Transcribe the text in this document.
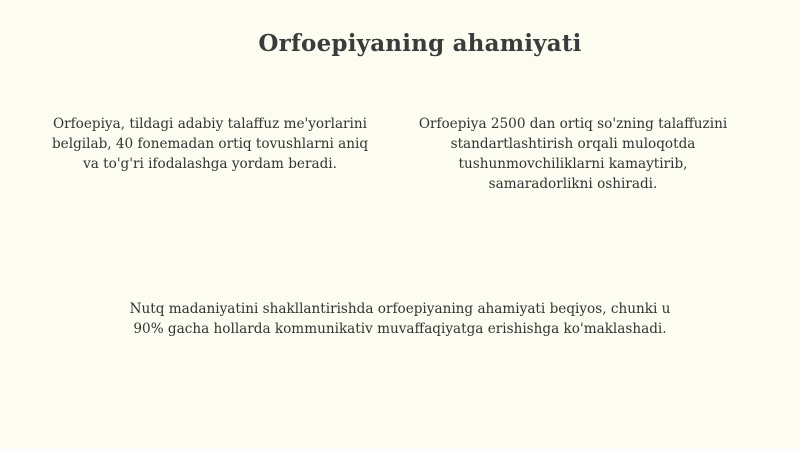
Orfoepiyaning ahamiyati

Orfoepiya, tildagi adabiy talaffuz me'yorlarini belgilab, 40 fonemadan ortiq tovushlarni aniq va to'g'ri ifodalashga yordam beradi.

Orfoepiya 2500 dan ortiq so'zning talaffuzini standartlashtirish orqali muloqotda tushunmovchiliklarni kamaytirib, samaradorlikni oshiradi.

Nutq madaniyatini shakllantirishda orfoepiyaning ahamiyati beqiyos, chunki u 90% gacha hollarda kommunikativ muvaffaqiyatga erishishga ko'maklashadi.
